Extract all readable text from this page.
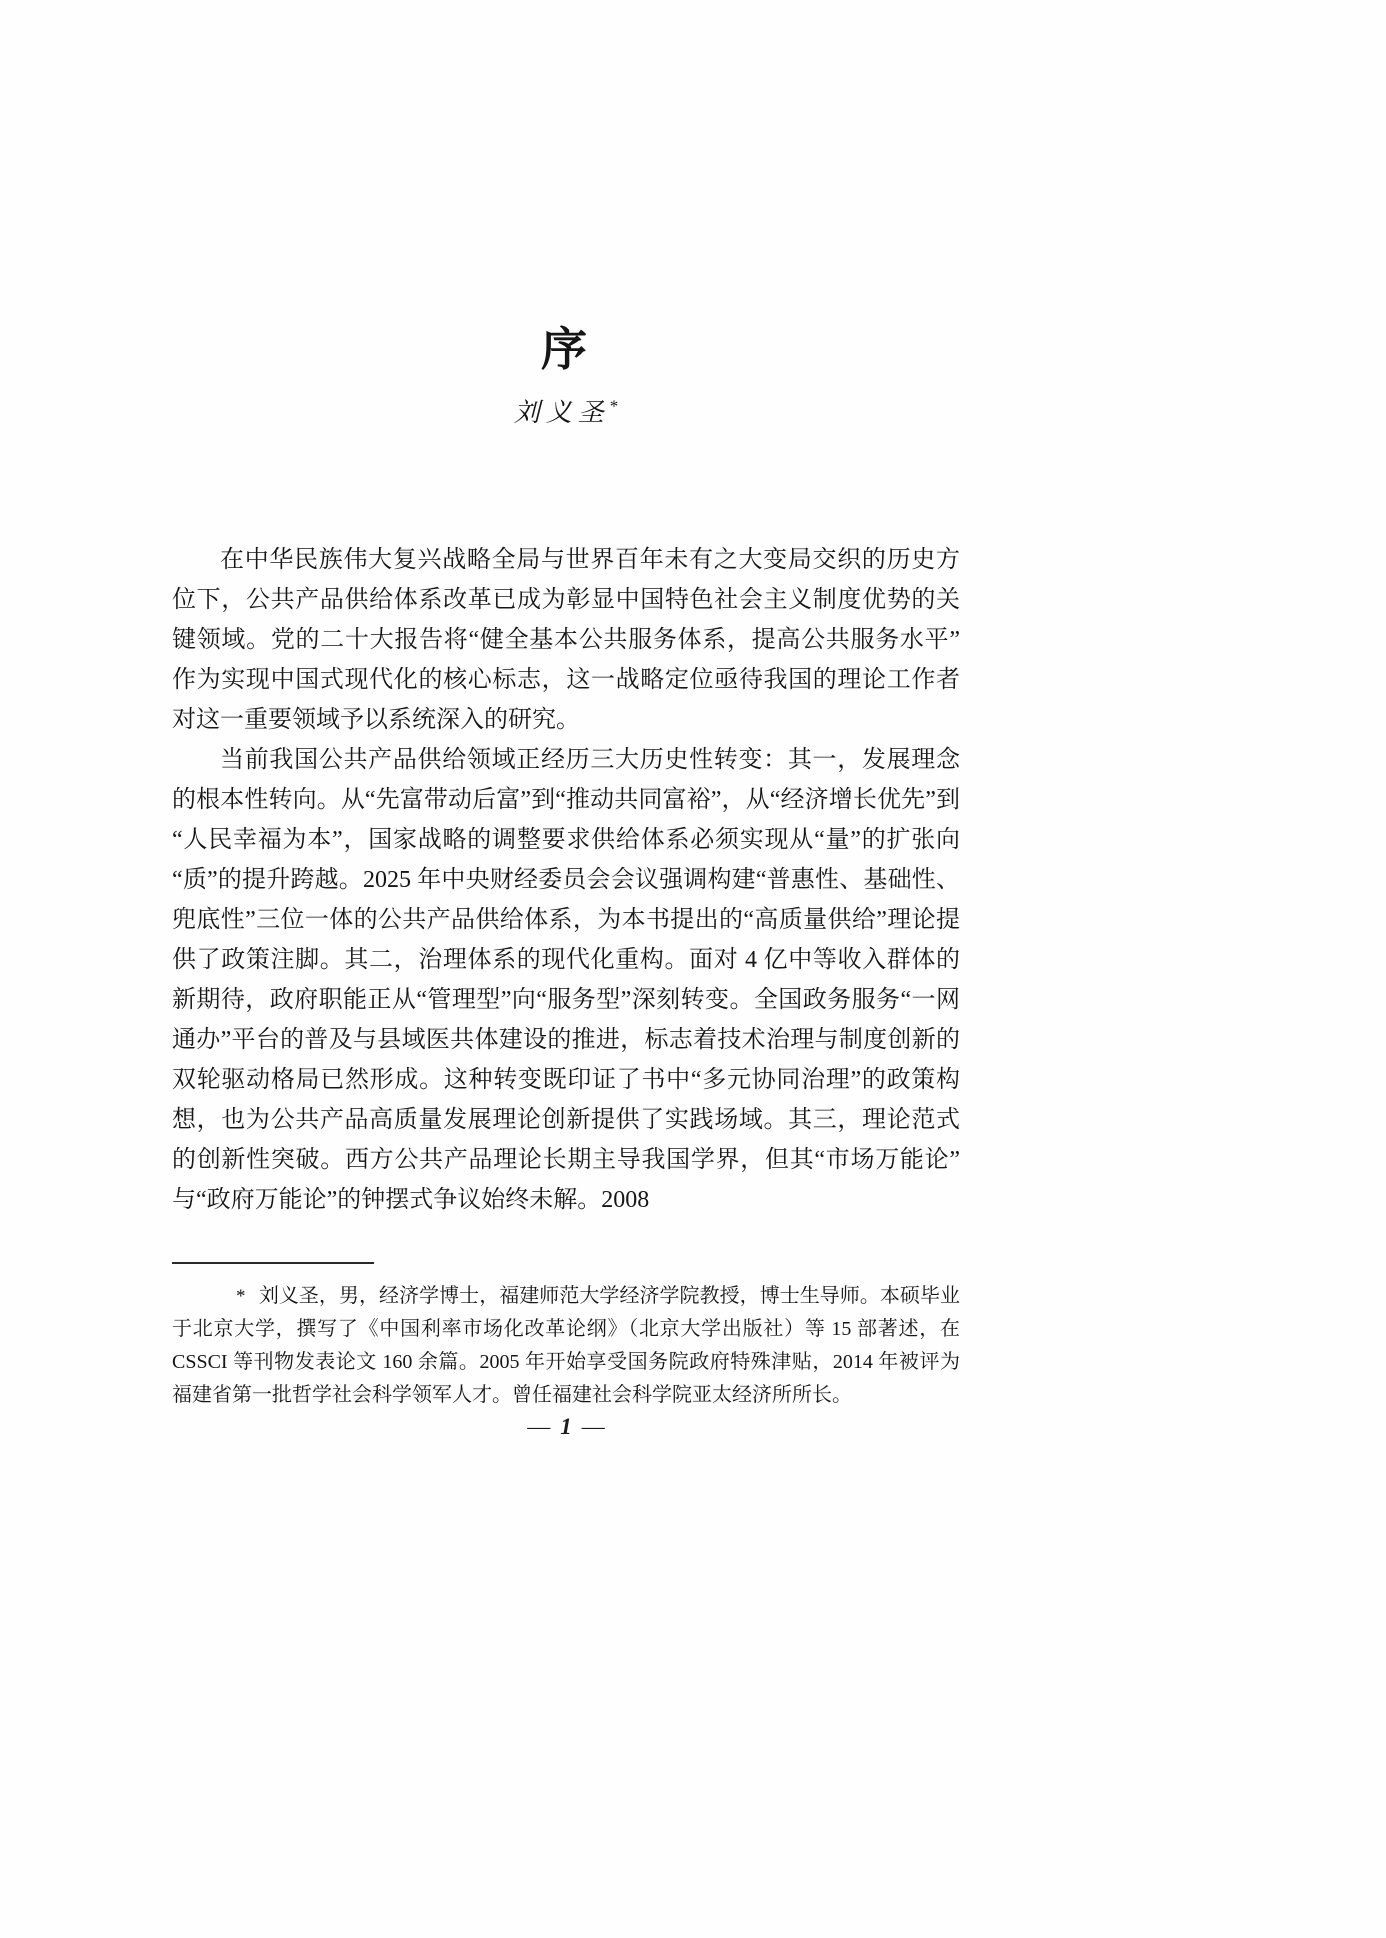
序
刘义圣*

在中华民族伟大复兴战略全局与世界百年未有之大变局交织的历史方位下，公共产品供给体系改革已成为彰显中国特色社会主义制度优势的关键领域。党的二十大报告将“健全基本公共服务体系，提高公共服务水平”作为实现中国式现代化的核心标志，这一战略定位亟待我国的理论工作者对这一重要领域予以系统深入的研究。

当前我国公共产品供给领域正经历三大历史性转变：其一，发展理念的根本性转向。从“先富带动后富”到“推动共同富裕”，从“经济增长优先”到“人民幸福为本”，国家战略的调整要求供给体系必须实现从“量”的扩张向“质”的提升跨越。2025 年中央财经委员会会议强调构建“普惠性、基础性、兜底性”三位一体的公共产品供给体系，为本书提出的“高质量供给”理论提供了政策注脚。其二，治理体系的现代化重构。面对 4 亿中等收入群体的新期待，政府职能正从“管理型”向“服务型”深刻转变。全国政务服务“一网通办”平台的普及与县域医共体建设的推进，标志着技术治理与制度创新的双轮驱动格局已然形成。这种转变既印证了书中“多元协同治理”的政策构想，也为公共产品高质量发展理论创新提供了实践场域。其三，理论范式的创新性突破。西方公共产品理论长期主导我国学界，但其“市场万能论”与“政府万能论”的钟摆式争议始终未解。2008

* 刘义圣，男，经济学博士，福建师范大学经济学院教授，博士生导师。本硕毕业于北京大学，撰写了《中国利率市场化改革论纲》（北京大学出版社）等 15 部著述，在 CSSCI 等刊物发表论文 160 余篇。2005 年开始享受国务院政府特殊津贴，2014 年被评为福建省第一批哲学社会科学领军人才。曾任福建社会科学院亚太经济所所长。

— 1 —
